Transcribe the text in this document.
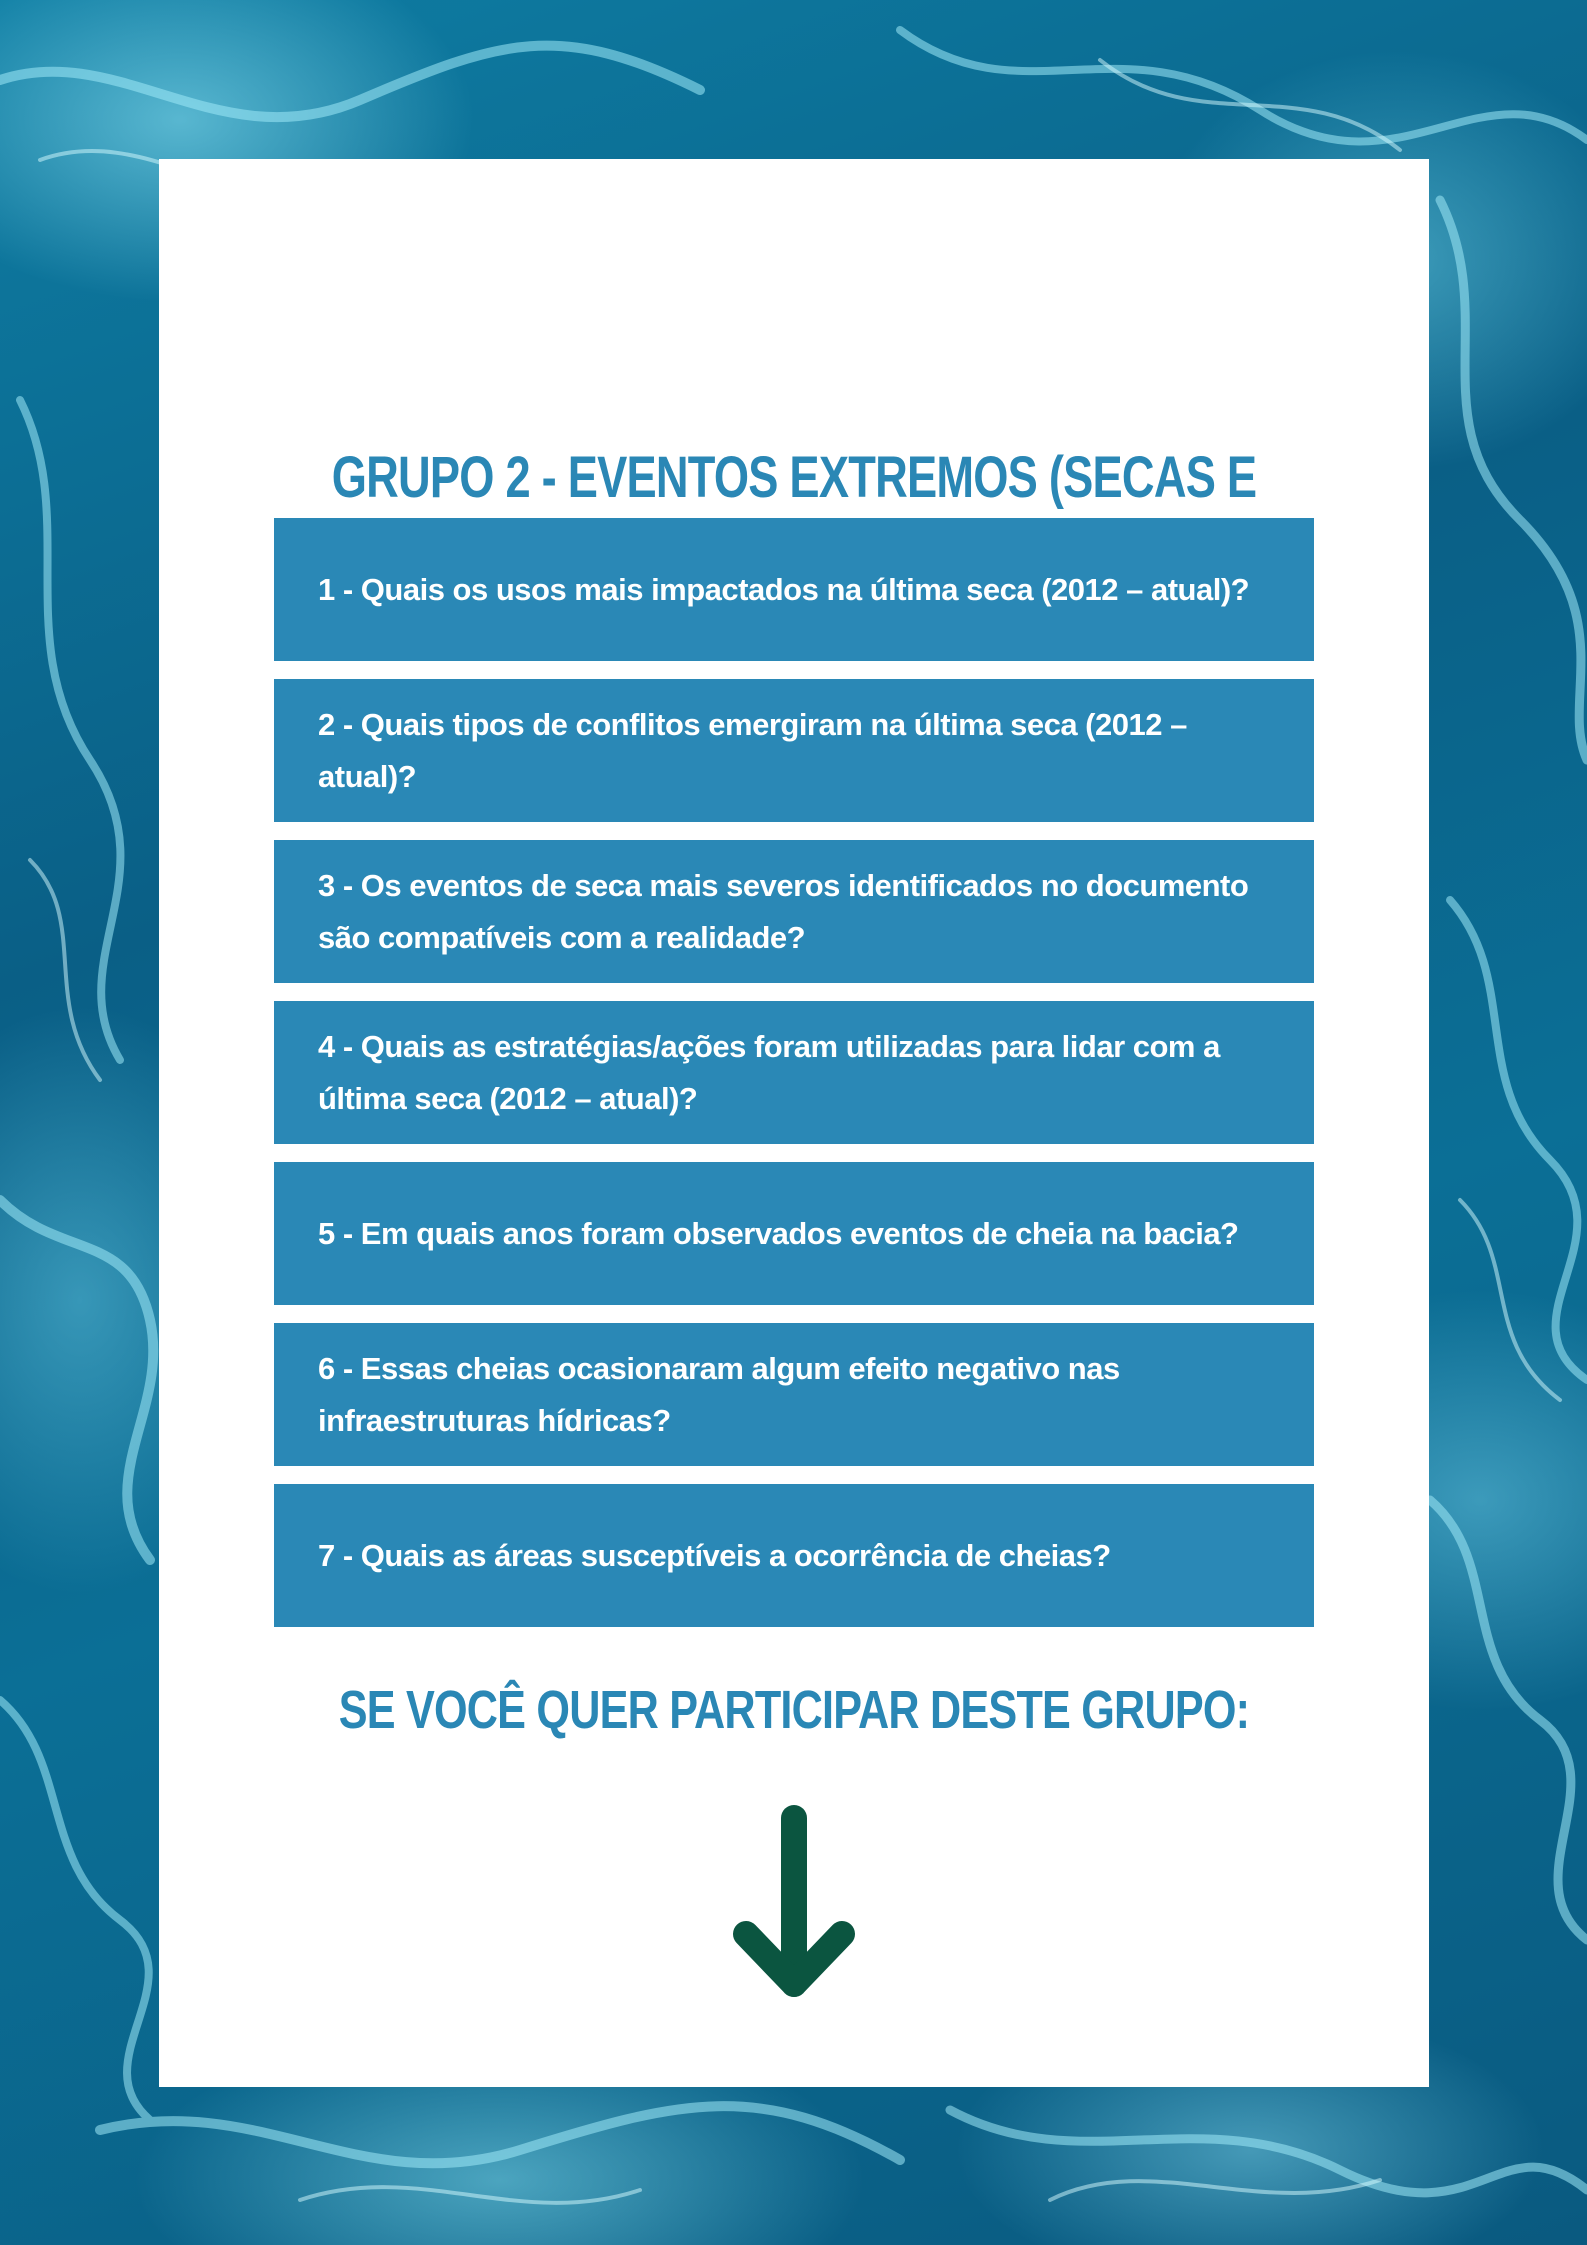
GRUPO 2 - EVENTOS EXTREMOS (SECAS E
1 - Quais os usos mais impactados na última seca (2012 – atual)?
2 - Quais tipos de conflitos emergiram na última seca (2012 – atual)?
3 - Os eventos de seca mais severos identificados no documento são compatíveis com a realidade?
4 - Quais as estratégias/ações foram utilizadas para lidar com a última seca (2012 – atual)?
5 - Em quais anos foram observados eventos de cheia na bacia?
6 - Essas cheias ocasionaram algum efeito negativo nas infraestruturas hídricas?
7 - Quais as áreas susceptíveis a ocorrência de cheias?
SE VOCÊ QUER PARTICIPAR DESTE GRUPO:
